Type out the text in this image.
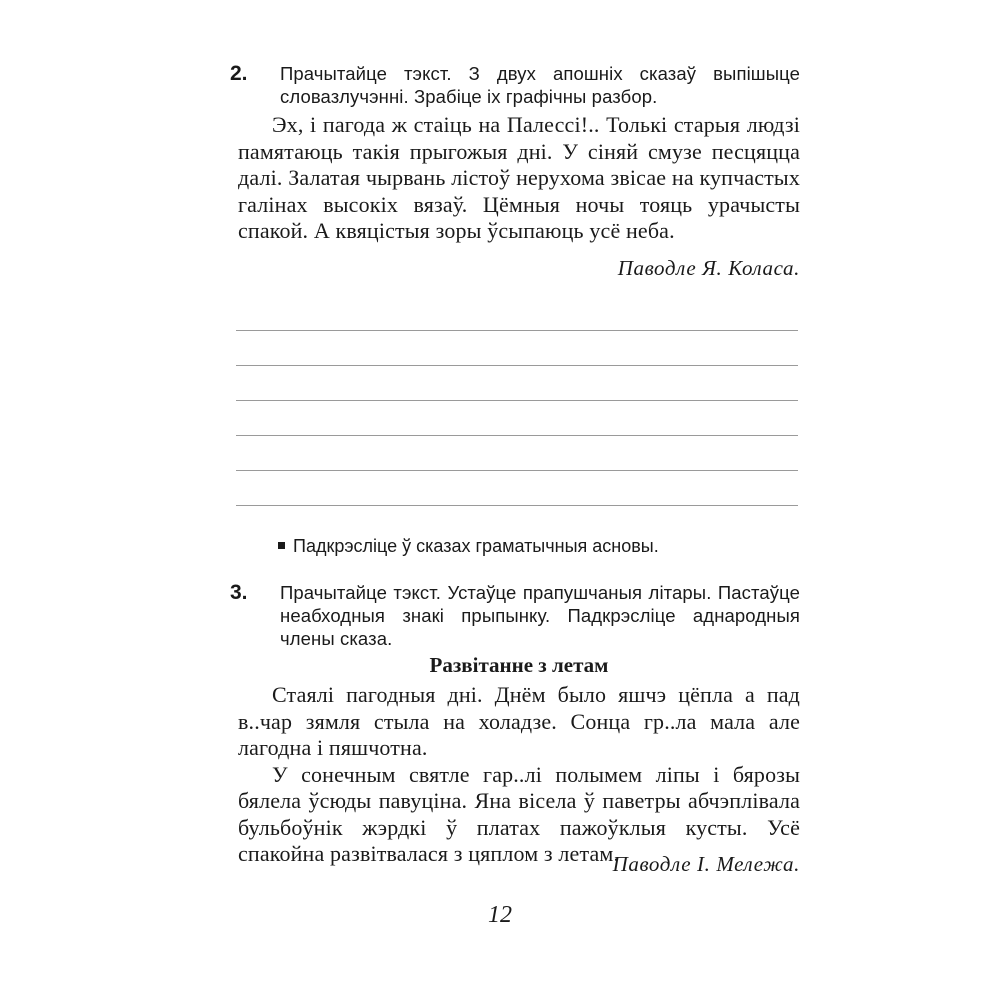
2. Прачытайце тэкст. З двух апошніх сказаў выпішыце словазлучэнні. Зрабіце іх графічны разбор.

Эх, і пагода ж стаіць на Палессі!.. Толькі старыя людзі памятаюць такія прыгожыя дні. У сіняй смузе песцяцца далі. Залатая чырвань лістоў нерухома звісае на купчастых галінах высокіх вязаў. Цёмныя ночы тояць урачысты спакой. А квяцістыя зоры ўсыпаюць усё неба.

Паводле Я. Коласа.
Падкрэсліце ў сказах граматычныя асновы.
3. Прачытайце тэкст. Устаўце прапушчаныя літары. Пастаўце неабходныя знакі прыпынку. Падкрэсліце аднародныя члены сказа.
Развітанне з летам

Стаялі пагодныя дні. Днём было яшчэ цёпла а пад в..чар зямля стыла на холадзе. Сонца гр..ла мала але лагодна і пяшчотна.

У сонечным святле гар..лі полымем ліпы і бярозы бялела ўсюды павуціна. Яна вісела ў паветры абчэплівала бульбоўнік жэрдкі ў платах пажоўклыя кусты. Усё спакойна развітвалася з цяплом з летам.

Паводле І. Мележа.
12
